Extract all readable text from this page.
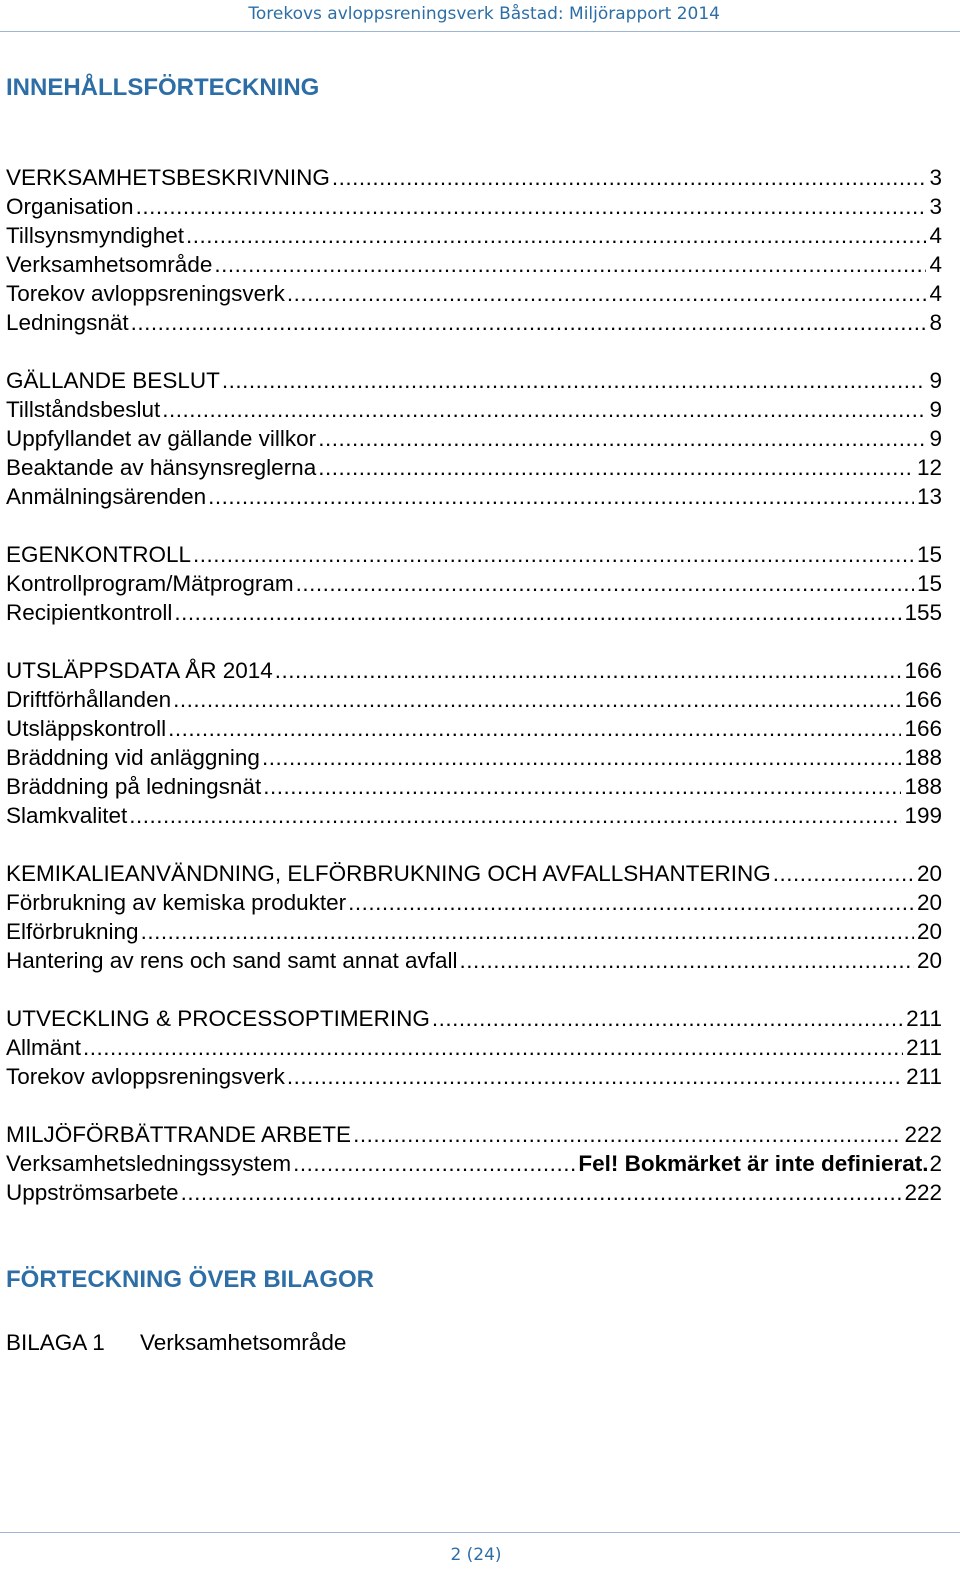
Torekovs avloppsreningsverk Båstad: Miljörapport 2014
INNEHÅLLSFÖRTECKNING
VERKSAMHETSBESKRIVNING .....	3
Organisation .....	3
Tillsynsmyndighet .....	4
Verksamhetsområde .....	4
Torekov avloppsreningsverk .....	4
Ledningsnät .....	8
GÄLLANDE BESLUT .....	9
Tillståndsbeslut .....	9
Uppfyllandet av gällande villkor .....	9
Beaktande av hänsynsreglerna .....	12
Anmälningsärenden .....	13
EGENKONTROLL .....	15
Kontrollprogram/Mätprogram .....	15
Recipientkontroll .....	155
UTSLÄPPSDATA ÅR 2014 .....	166
Driftförhållanden .....	166
Utsläppskontroll .....	166
Bräddning vid anläggning .....	188
Bräddning på ledningsnät .....	188
Slamkvalitet .....	199
KEMIKALIEANVÄNDNING, ELFÖRBRUKNING OCH AVFALLSHANTERING .....	20
Förbrukning av kemiska produkter .....	20
Elförbrukning .....	20
Hantering av rens och sand samt annat avfall .....	20
UTVECKLING & PROCESSOPTIMERING .....	211
Allmänt .....	211
Torekov avloppsreningsverk .....	211
MILJÖFÖRBÄTTRANDE ARBETE .....	222
Verksamhetsledningssystem .....	Fel! Bokmärket är inte definierat. 2
Uppströmsarbete .....	222
FÖRTECKNING ÖVER BILAGOR
BILAGA 1 Verksamhetsområde
2 (24)
